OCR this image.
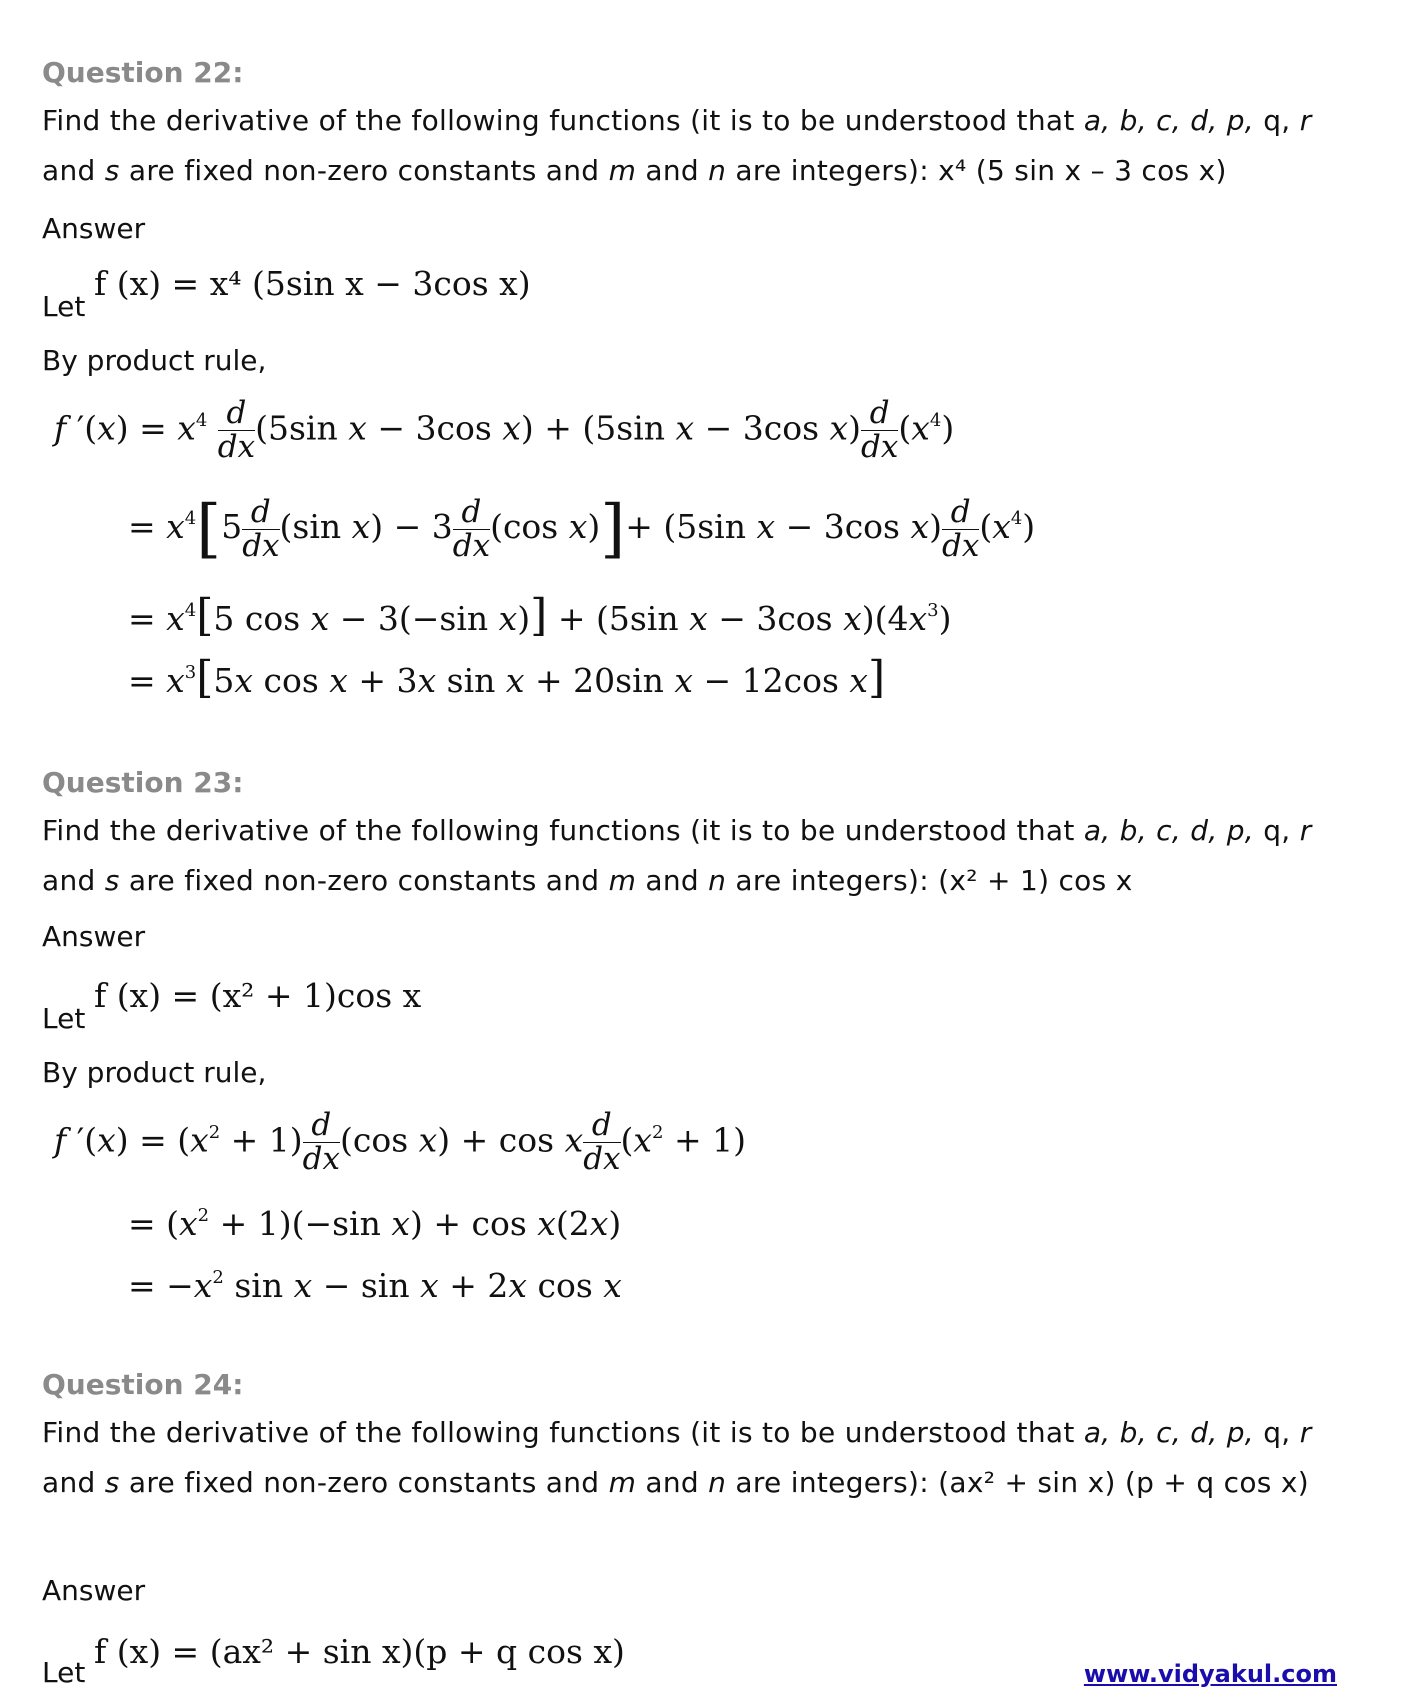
Question 22:
Find the derivative of the following functions (it is to be understood that a, b, c, d, p, q, r
and s are fixed non-zero constants and m and n are integers): x⁴ (5 sin x – 3 cos x)
Answer
Let
f (x) = x⁴ (5sin x − 3cos x)
By product rule,
f $'(x) = x^4 \frac{d}{dx} (5\sin$ x − 3cos x) + (5sin x − 3cos $x) \frac{d}{dx} (x^4)$
= $x^4[5 \frac{d}{dx} (\sin$ $x) - 3 \frac{d}{dx} (\cos$ x)]+ (5sin x − 3cos $x) \frac{d}{dx} (x^4)$
= $x^4[5$ cos x − 3(−sin x)] + (5sin x − 3cos $x)(4x^3)$
= $x^3[5x$ cos x + 3x sin x + 20sin x − 12cos x]
Question 23:
Find the derivative of the following functions (it is to be understood that a, b, c, d, p, q, r
and s are fixed non-zero constants and m and n are integers): (x² + 1) cos x
Answer
Let
f (x) = (x² + 1)cos x
By product rule,
f $'(x) = (x^2 + 1) \frac{d}{dx} (\cos$ x) + cos x $\frac{d}{dx} (x^2 + 1)$
= $(x^2 + 1)(-\sin$ x) + cos x(2x)
= $-x^2$ sin x − sin x + 2x cos x
Question 24:
Find the derivative of the following functions (it is to be understood that a, b, c, d, p, q, r
and s are fixed non-zero constants and m and n are integers): (ax² + sin x) (p + q cos x)
Answer
Let
f (x) = (ax² + sin x)(p + q cos x)
www.vidyakul.com
